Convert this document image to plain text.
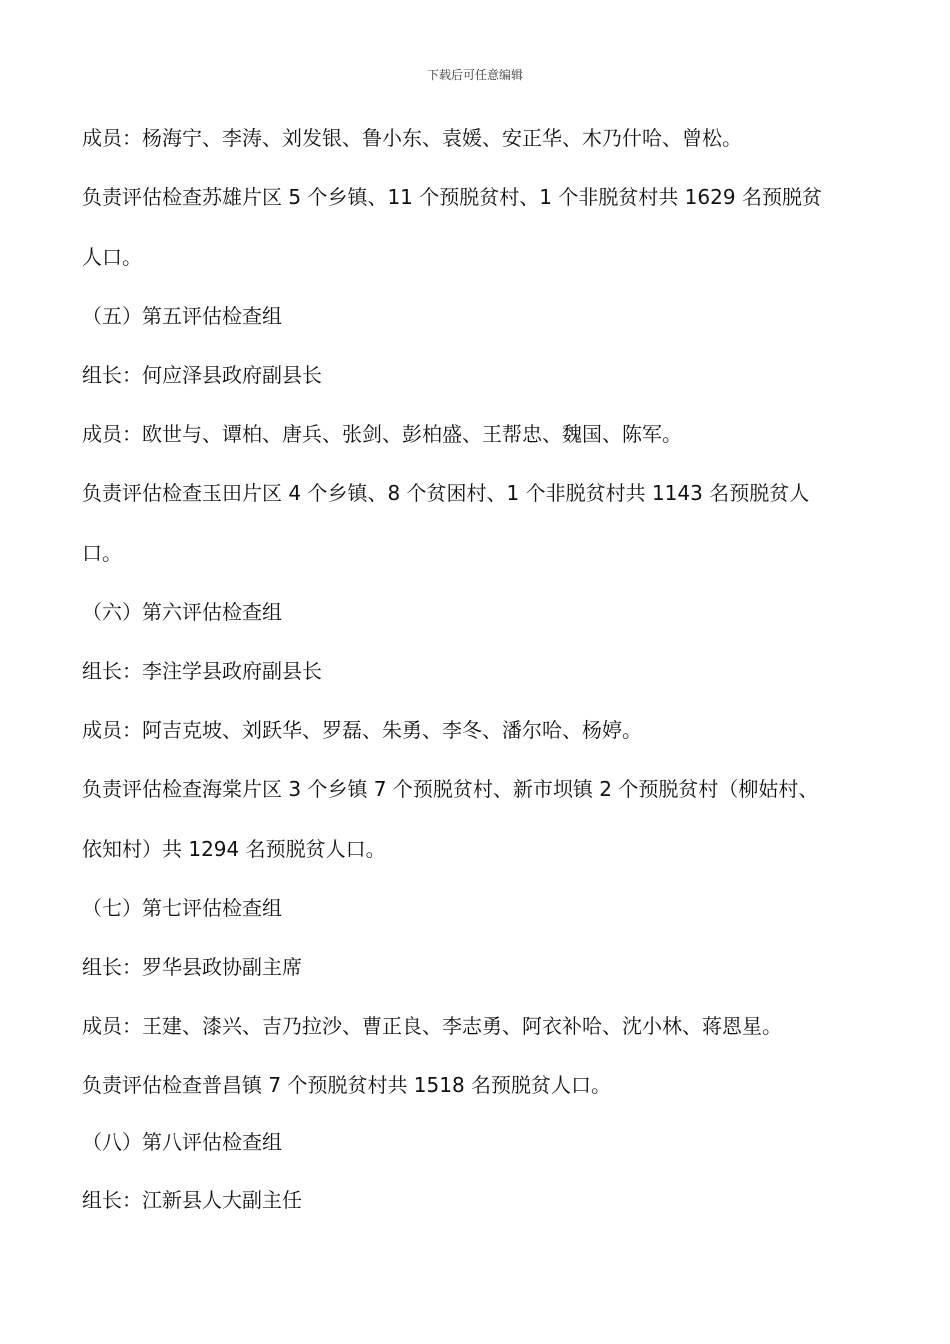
下载后可任意编辑
成员：杨海宁、李涛、刘发银、鲁小东、袁媛、安正华、木乃什哈、曾松。
负责评估检查苏雄片区 5 个乡镇、11 个预脱贫村、1 个非脱贫村共 1629 名预脱贫
人口。
（五）第五评估检查组
组长：何应泽县政府副县长
成员：欧世与、谭柏、唐兵、张剑、彭柏盛、王帮忠、魏国、陈军。
负责评估检查玉田片区 4 个乡镇、8 个贫困村、1 个非脱贫村共 1143 名预脱贫人
口。
（六）第六评估检查组
组长：李注学县政府副县长
成员：阿吉克坡、刘跃华、罗磊、朱勇、李冬、潘尔哈、杨婷。
负责评估检查海棠片区 3 个乡镇 7 个预脱贫村、新市坝镇 2 个预脱贫村（柳姑村、
依知村）共 1294 名预脱贫人口。
（七）第七评估检查组
组长：罗华县政协副主席
成员：王建、漆兴、吉乃拉沙、曹正良、李志勇、阿衣补哈、沈小林、蒋恩星。
负责评估检查普昌镇 7 个预脱贫村共 1518 名预脱贫人口。
（八）第八评估检查组
组长：江新县人大副主任
